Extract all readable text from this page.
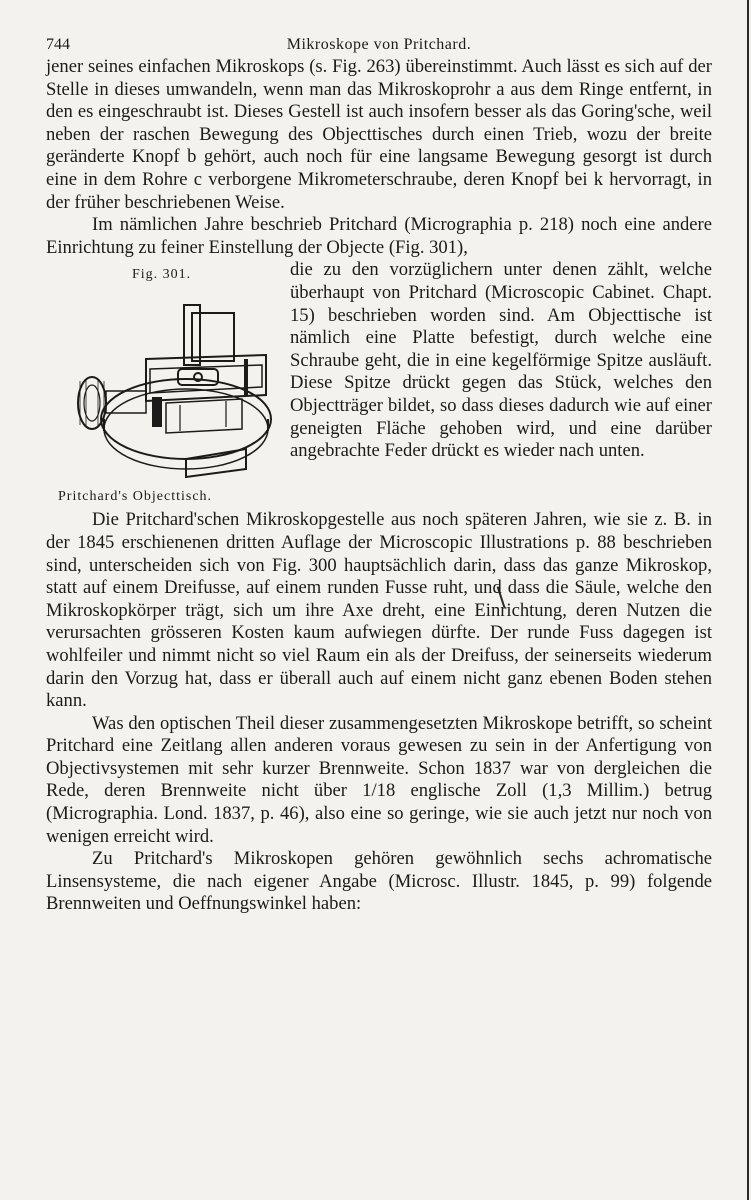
744	Mikroskope von Pritchard.

jener seines einfachen Mikroskops (s. Fig. 263) übereinstimmt. Auch lässt es sich auf der Stelle in dieses umwandeln, wenn man das Mikroskoprohr a aus dem Ringe entfernt, in den es eingeschraubt ist. Dieses Gestell ist auch insofern besser als das Goring'sche, weil neben der raschen Bewegung des Objecttisches durch einen Trieb, wozu der breite geränderte Knopf b gehört, auch noch für eine langsame Bewegung gesorgt ist durch eine in dem Rohre c verborgene Mikrometerschraube, deren Knopf bei k hervorragt, in der früher beschriebenen Weise.

Im nämlichen Jahre beschrieb Pritchard (Micrographia p. 218) noch eine andere Einrichtung zu feiner Einstellung der Objecte (Fig. 301),

Fig. 301.
Pritchard's Objecttisch.

die zu den vorzüglichern unter denen zählt, welche überhaupt von Pritchard (Microscopic Cabinet. Chapt. 15) beschrieben worden sind. Am Objecttische ist nämlich eine Platte befestigt, durch welche eine Schraube geht, die in eine kegelförmige Spitze ausläuft. Diese Spitze drückt gegen das Stück, welches den Objectträger bildet, so dass dieses dadurch wie auf einer geneigten Fläche gehoben wird, und eine darüber angebrachte Feder drückt es wieder nach unten.

Die Pritchard'schen Mikroskopgestelle aus noch späteren Jahren, wie sie z. B. in der 1845 erschienenen dritten Auflage der Microscopic Illustrations p. 88 beschrieben sind, unterscheiden sich von Fig. 300 hauptsächlich darin, dass das ganze Mikroskop, statt auf einem Dreifusse, auf einem runden Fusse ruht, und dass die Säule, welche den Mikroskopkörper trägt, sich um ihre Axe dreht, eine Einrichtung, deren Nutzen die verursachten grösseren Kosten kaum aufwiegen dürfte. Der runde Fuss dagegen ist wohlfeiler und nimmt nicht so viel Raum ein als der Dreifuss, der seinerseits wiederum darin den Vorzug hat, dass er überall auch auf einem nicht ganz ebenen Boden stehen kann.

Was den optischen Theil dieser zusammengesetzten Mikroskope betrifft, so scheint Pritchard eine Zeitlang allen anderen voraus gewesen zu sein in der Anfertigung von Objectivsystemen mit sehr kurzer Brennweite. Schon 1837 war von dergleichen die Rede, deren Brennweite nicht über 1/18 englische Zoll (1,3 Millim.) betrug (Micrographia. Lond. 1837, p. 46), also eine so geringe, wie sie auch jetzt nur noch von wenigen erreicht wird.

Zu Pritchard's Mikroskopen gehören gewöhnlich sechs achromatische Linsensysteme, die nach eigener Angabe (Microsc. Illustr. 1845, p. 99) folgende Brennweiten und Oeffnungswinkel haben:
